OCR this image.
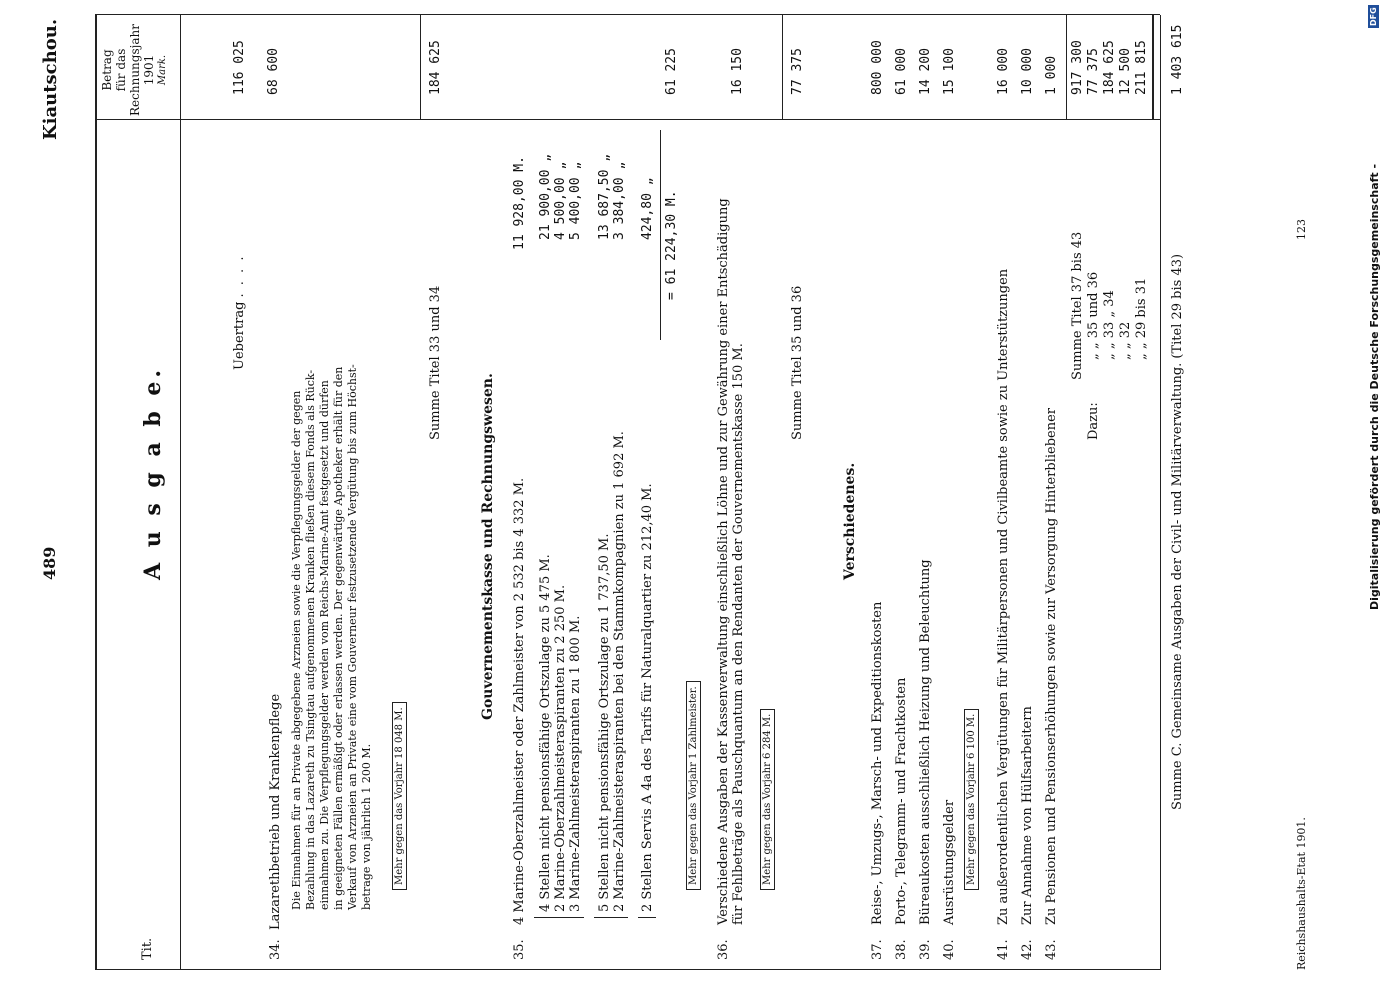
489
Kiautschou.
A u s g a b e.
Tit.
Betrag für das Rechnungsjahr 1901 Mark.
Uebertrag . . . .
116 025 68 600
34.
Lazarethbetrieb und Krankenpflege Die Einnahmen für an Private abgegebene Arzneien sowie die Verpflegungsgelder der gegen Bezahlung in das Lazareth zu Tsingtau aufgenommenen Kranken fließen diesem Fonds als Rück- einnahmen zu. Die Verpflegungsgelder werden vom Reichs-Marine-Amt festgesetzt und dürfen in geeigneten Fällen ermäßigt oder erlassen werden. Der gegenwärtige Apotheker erhält für den Verkauf von Arzneien an Private eine vom Gouverneur festzusetzende Vergütung bis zum Höchst- betrage von jährlich 1 200 M. Mehr gegen das Vorjahr 18 048 M.
Summe Titel 33 und 34
184 625
Gouvernementskasse und Rechnungswesen.
35.
4 Marine-Oberzahlmeister oder Zahlmeister von 2 532 bis 4 332 M.
11 928,00 M.
4 Stellen nicht pensionsfähige Ortszulage zu 5 475 M.
21 900,00 „
2 Marine-Oberzahlmeisteraspiranten zu 2 250 M.
4 500,00 „
3 Marine-Zahlmeisteraspiranten zu 1 800 M.
5 400,00 „
5 Stellen nicht pensionsfähige Ortszulage zu 1 737,50 M.
13 687,50 „
2 Marine-Zahlmeisteraspiranten bei den Stammkompagnien zu 1 692 M.
3 384,00 „
2 Stellen Servis A 4a des Tarifs für Naturalquartier zu 212,40 M.
424,80 „ = 61 224,30 M.
61 225
Mehr gegen das Vorjahr 1 Zahlmeister.
36.
Verschiedene Ausgaben der Kassenverwaltung einschließlich Löhne und zur Gewährung einer Entschädigung für Fehlbeträge als Pauschquantum an den Rendanten der Gouvernementskasse 150 M.
16 150
Mehr gegen das Vorjahr 6 284 M.
Summe Titel 35 und 36
77 375
Verschiedenes.
37.
Reise-, Umzugs-, Marsch- und Expeditionskosten
800 000
38.
Porto-, Telegramm- und Frachtkosten
61 000
39.
Büreaukosten ausschließlich Heizung und Beleuchtung
14 200
40.
Ausrüstungsgelder
15 100
Mehr gegen das Vorjahr 6 100 M.
41.
Zu außerordentlichen Vergütungen für Militärpersonen und Civilbeamte sowie zu Unterstützungen
16 000
42.
Zur Annahme von Hülfsarbeitern
10 000
43.
Zu Pensionen und Pensionserhöhungen sowie zur Versorgung Hinterbliebener
1 000
Summe Titel 37 bis 43
917 300
Dazu:
„ „ 35 und 36
77 375
„ „ 33 „ 34
184 625
„ „ 32
12 500
„ „ 29 bis 31
211 815
Summe C. Gemeinsame Ausgaben der Civil- und Militärverwaltung. (Titel 29 bis 43)
1 403 615
Reichshaushalts-Etat 1901.
123	Digitalisierung gefördert durch die Deutsche Forschungsgemeinschaft -
DFG
